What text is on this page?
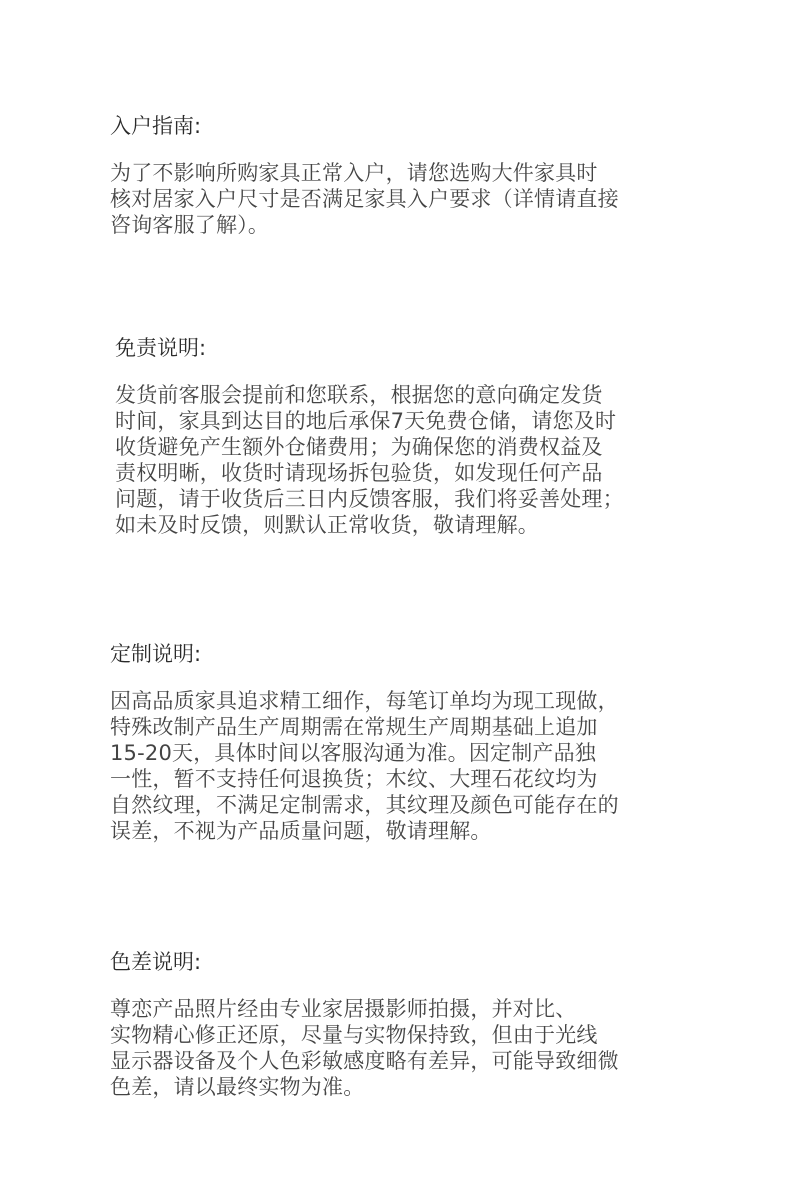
入户指南:
为了不影响所购家具正常入户，请您选购大件家具时
核对居家入户尺寸是否满足家具入户要求（详情请直接
咨询客服了解）。
免责说明:
发货前客服会提前和您联系，根据您的意向确定发货
时间，家具到达目的地后承保7天免费仓储，请您及时
收货避免产生额外仓储费用；为确保您的消费权益及
责权明晰，收货时请现场拆包验货，如发现任何产品
问题，请于收货后三日内反馈客服，我们将妥善处理；
如未及时反馈，则默认正常收货，敬请理解。
定制说明:
因高品质家具追求精工细作，每笔订单均为现工现做，
特殊改制产品生产周期需在常规生产周期基础上追加
15-20天，具体时间以客服沟通为准。因定制产品独
一性，暂不支持任何退换货；木纹、大理石花纹均为
自然纹理，不满足定制需求，其纹理及颜色可能存在的
误差，不视为产品质量问题，敬请理解。
色差说明:
尊恋产品照片经由专业家居摄影师拍摄，并对比、
实物精心修正还原，尽量与实物保持致，但由于光线
显示器设备及个人色彩敏感度略有差异，可能导致细微
色差，请以最终实物为准。
